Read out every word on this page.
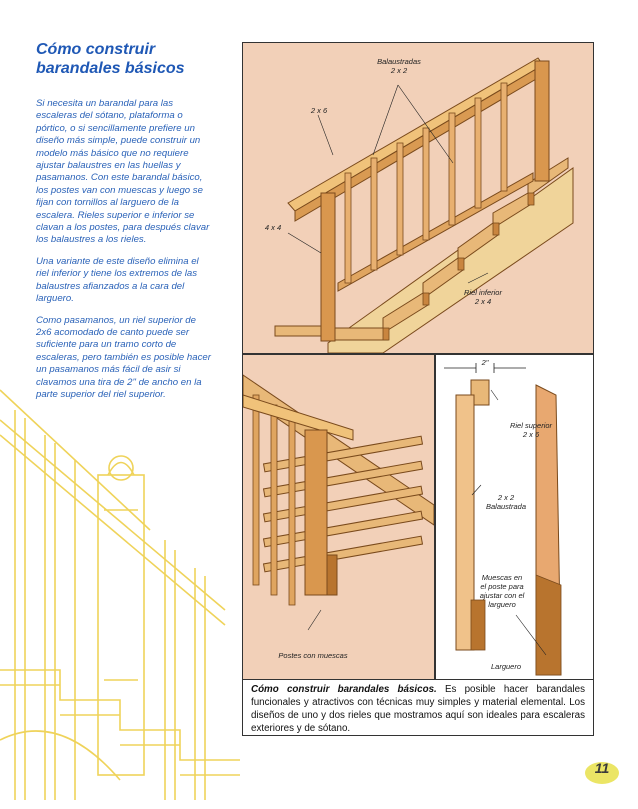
Cómo construir barandales básicos

Si necesita un barandal para las escaleras del sótano, plataforma o pórtico, o si sencillamente prefiere un diseño más simple, puede construir un modelo más básico que no requiere ajustar balaustres en las huellas y pasamanos. Con este barandal básico, los postes van con muescas y luego se fijan con tornillos al larguero de la escalera. Rieles superior e inferior se clavan a los postes, para después clavar los balaustres a los rieles.

Una variante de este diseño elimina el riel inferior y tiene los extremos de las balaustres afianzados a la cara del larguero.

Como pasamanos, un riel superior de 2x6 acomodado de canto puede ser suficiente para un tramo corto de escaleras, pero también es posible hacer un pasamanos más fácil de asir si clavamos una tira de 2" de ancho en la parte superior del riel superior.

Balaustradas
2 x 2
2 x 6
4 x 4
Riel inferior
2 x 4
Postes con muescas
2"
Riel superior
2 x 6
2 x 2
Balaustrada
Muescas en
el poste para
ajustar con el
larguero
Larguero
Cómo construir barandales básicos. Es posible hacer barandales funcionales y atractivos con técnicas muy simples y material elemental. Los diseños de uno y dos rieles que mostramos aquí son ideales para escaleras exteriores y de sótano.
11
